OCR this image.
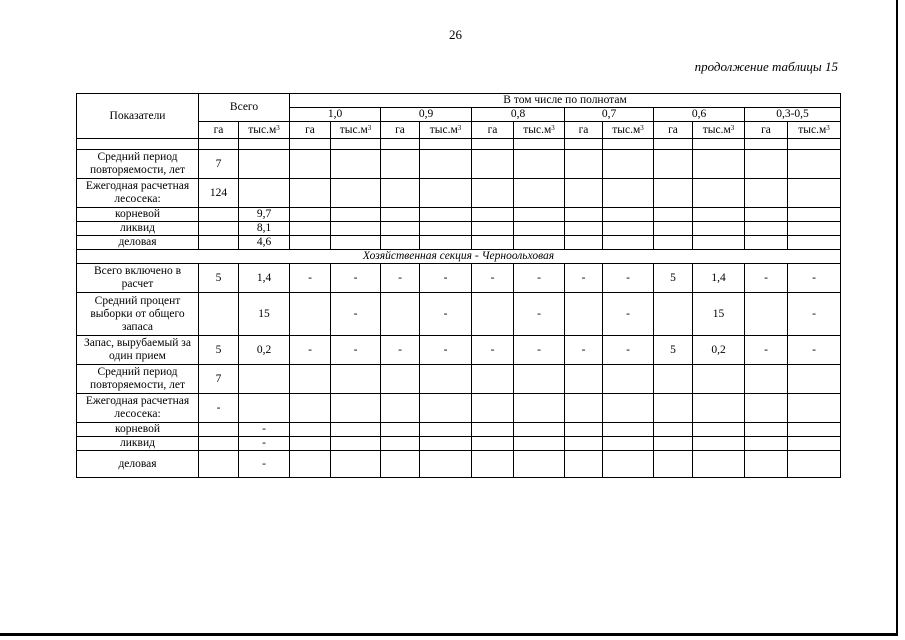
26
продолжение таблицы 15
Показатели	Всего		В том числе по полнотам											
			1,0		0,9		0,8		0,7		0,6		0,3-0,5	
	га	$тыс.м^3$	га	$тыс.м^3$	га	$тыс.м^3$	га	$тыс.м^3$	га	$тыс.м^3$	га	$тыс.м^3$	га	$тыс.м^3$

Средний период повторяемости, лет	7													
Ежегодная расчетная лесосека:	124													
корневой		9,7												
ликвид		8,1												
деловая		4,6												
Хозяйственная секция - Черноольховая														
Всего включено в расчет	5	1,4	-	-	-	-	-	-	-	-	5	1,4	-	-
Средний процент выборки от общего запаса		15		-		-		-		-		15		-
Запас, вырубаемый за один прием	5	0,2	-	-	-	-	-	-	-	-	5	0,2	-	-
Средний период повторяемости, лет	7													
Ежегодная расчетная лесосека:	-													
корневой		-												
ликвид		-												
деловая		-												
